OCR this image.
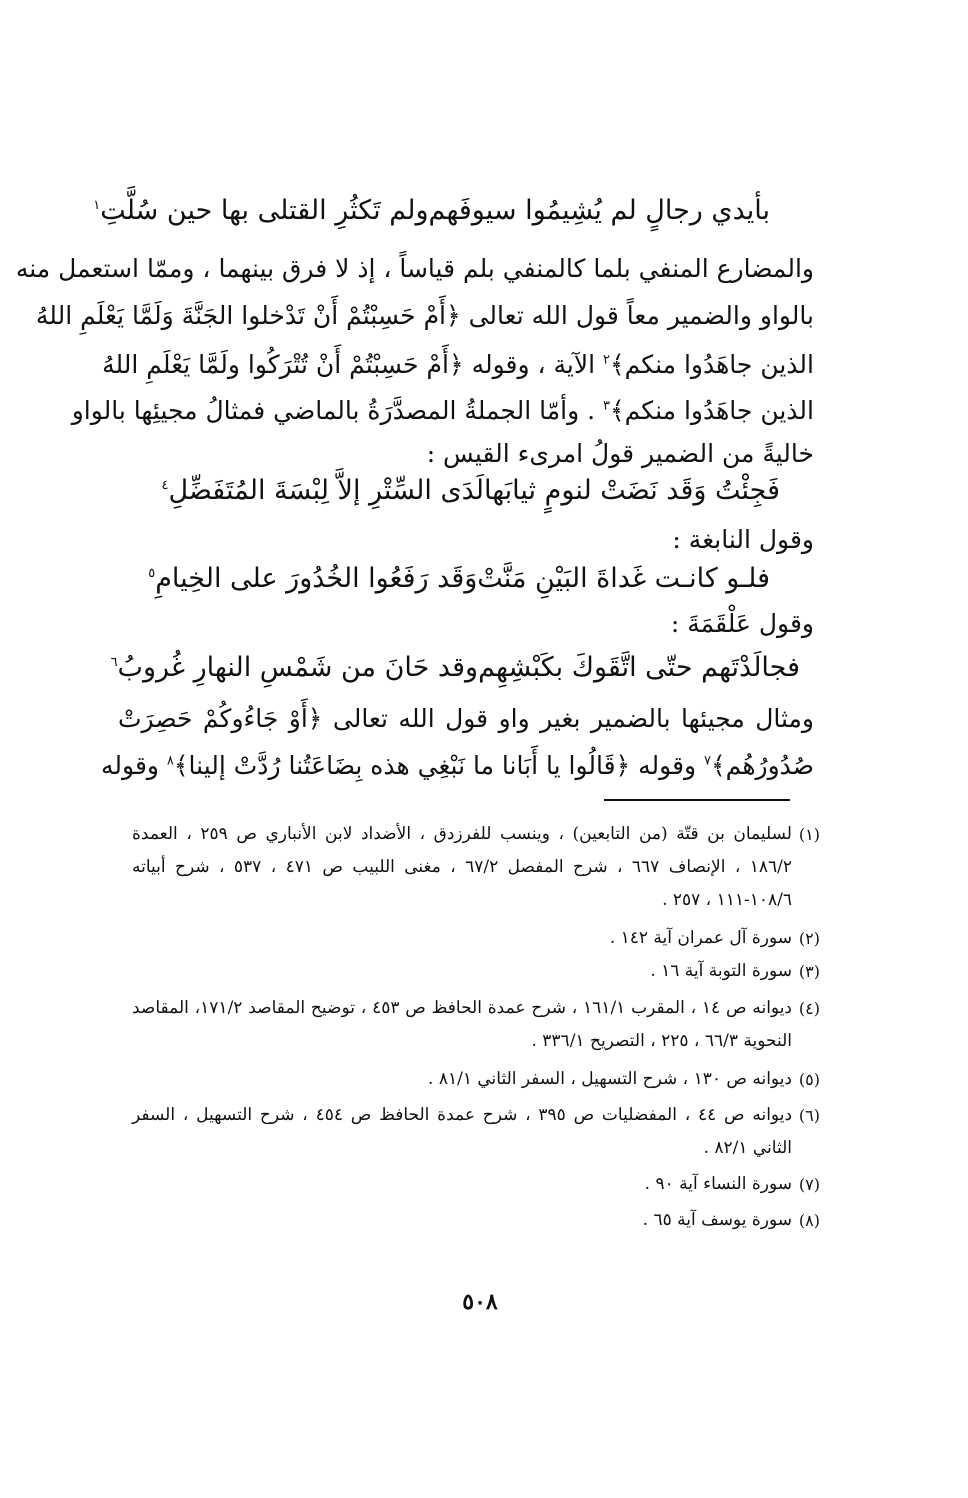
بأيدي رجالٍ لم يُشِيمُوا سيوفَهم
ولم تَكثُرِ القتلى بها حين سُلَّتِ$^١$
والمضارع المنفي بلما كالمنفي بلم قياساً ، إذ لا فرق بينهما ، وممّا استعمل منه
بالواو والضمير معاً قول الله تعالى ﴿أَمْ حَسِبْتُمْ أَنْ تَدْخلوا الجَنَّةَ وَلَمَّا يَعْلَمِ اللهُ
الذين جاهَدُوا منكم﴾$^٢$ الآية ، وقوله ﴿أَمْ حَسِبْتُمْ أَنْ تُتْرَكُوا ولَمَّا يَعْلَمِ اللهُ
الذين جاهَدُوا منكم﴾$^٣$ . وأمّا الجملةُ المصدَّرَةُ بالماضي فمثالُ مجيئِها بالواو
خاليةً من الضمير قولُ امرىء القيس :
فَجِئْتُ وَقَد نَضَتْ لنومٍ ثيابَها
لَدَى السِّتْرِ إلاَّ لِبْسَةَ المُتَفَضِّلِ$^٤$
وقول النابغة :
فلـو كانـت غَداةَ البَيْنِ مَنَّتْ
وَقَد رَفَعُوا الخُدُورَ على الخِيامِ$^٥$
وقول عَلْقَمَةَ :
فجالَدْتَهم حتّى اتَّقَوكَ بكَبْشِهِم
وقد حَانَ من شَمْسِ النهارِ غُروبُ$^٦$
ومثال مجيئها بالضمير بغير واو قول الله تعالى ﴿أَوْ جَاءُوكُمْ حَصِرَتْ
صُدُورُهُم﴾$^٧$ وقوله ﴿قَالُوا يا أَبَانا ما نَبْغِي هذه بِضَاعَتُنا رُدَّتْ إلينا﴾$^٨$ وقوله
(١)
لسليمان بن قتّة (من التابعين) ، وينسب للفرزدق ، الأضداد لابن الأنباري ص ٢٥٩ ، العمدة ١٨٦/٢ ، الإنصاف ٦٦٧ ، شرح المفصل ٦٧/٢ ، مغنى اللبيب ص ٤٧١ ، ٥٣٧ ، شرح أبياته ١٠٨/٦-١١١ ، ٢٥٧ .
(٢)
سورة آل عمران آية ١٤٢ .
(٣)
سورة التوبة آية ١٦ .
(٤)
ديوانه ص ١٤ ، المقرب ١٦١/١ ، شرح عمدة الحافظ ص ٤٥٣ ، توضيح المقاصد ١٧١/٢، المقاصد النحوية ٦٦/٣ ، ٢٢٥ ، التصريح ٣٣٦/١ .
(٥)
ديوانه ص ١٣٠ ، شرح التسهيل ، السفر الثاني ٨١/١ .
(٦)
ديوانه ص ٤٤ ، المفضليات ص ٣٩٥ ، شرح عمدة الحافظ ص ٤٥٤ ، شرح التسهيل ، السفر الثاني ٨٢/١ .
(٧)
سورة النساء آية ٩٠ .
(٨)
سورة يوسف آية ٦٥ .
٥٠٨
